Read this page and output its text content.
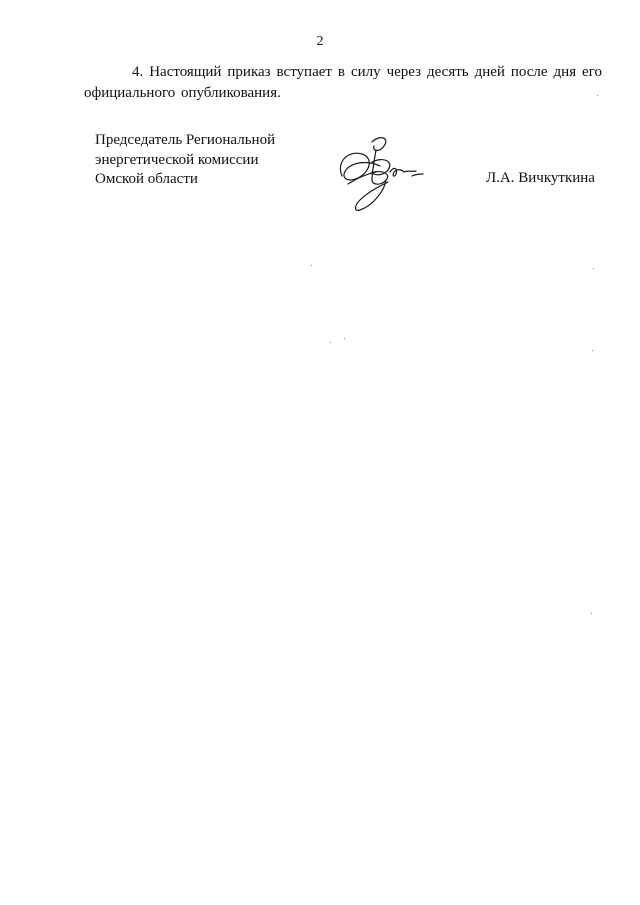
2
4. Настоящий приказ вступает в силу через десять дней после дня его официального опубликования.
Председатель Региональной
энергетической комиссии
Омской области	Л.А. Вичкуткина
